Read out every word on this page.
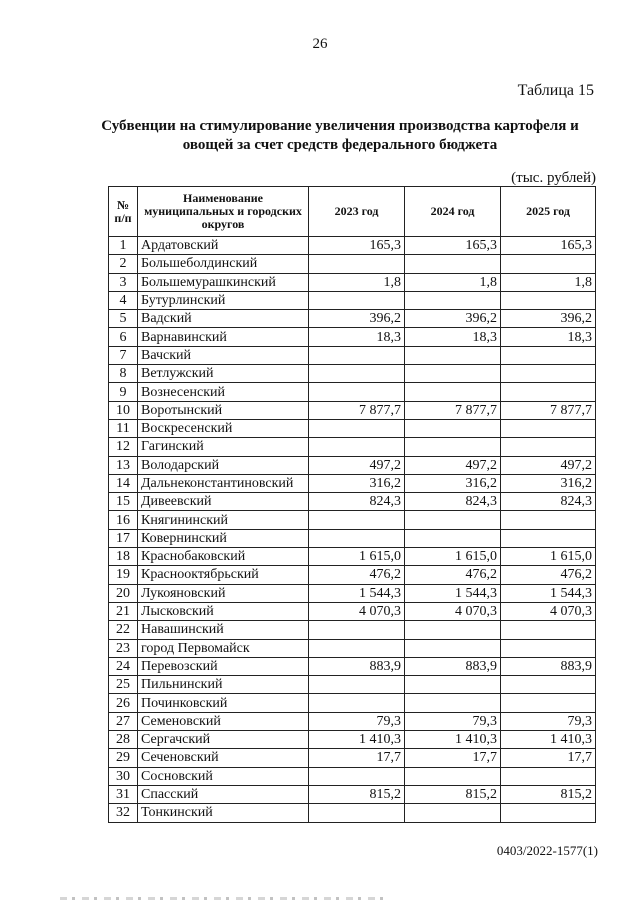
26
Таблица 15
Субвенции на стимулирование увеличения производства картофеля и
овощей за счет средств федерального бюджета
(тыс. рублей)
№ п/п	Наименование муниципальных и городских округов	2023 год	2024 год	2025 год
1	Ардатовский	165,3	165,3	165,3
2	Большеболдинский			
3	Большемурашкинский	1,8	1,8	1,8
4	Бутурлинский			
5	Вадский	396,2	396,2	396,2
6	Варнавинский	18,3	18,3	18,3
7	Вачский			
8	Ветлужский			
9	Вознесенский			
10	Воротынский	7 877,7	7 877,7	7 877,7
11	Воскресенский			
12	Гагинский			
13	Володарский	497,2	497,2	497,2
14	Дальнеконстантиновский	316,2	316,2	316,2
15	Дивеевский	824,3	824,3	824,3
16	Княгининский			
17	Ковернинский			
18	Краснобаковский	1 615,0	1 615,0	1 615,0
19	Краснооктябрьский	476,2	476,2	476,2
20	Лукояновский	1 544,3	1 544,3	1 544,3
21	Лысковский	4 070,3	4 070,3	4 070,3
22	Навашинский			
23	город Первомайск			
24	Перевозский	883,9	883,9	883,9
25	Пильнинский			
26	Починковский			
27	Семеновский	79,3	79,3	79,3
28	Сергачский	1 410,3	1 410,3	1 410,3
29	Сеченовский	17,7	17,7	17,7
30	Сосновский			
31	Спасский	815,2	815,2	815,2
32	Тонкинский			
0403/2022-1577(1)
